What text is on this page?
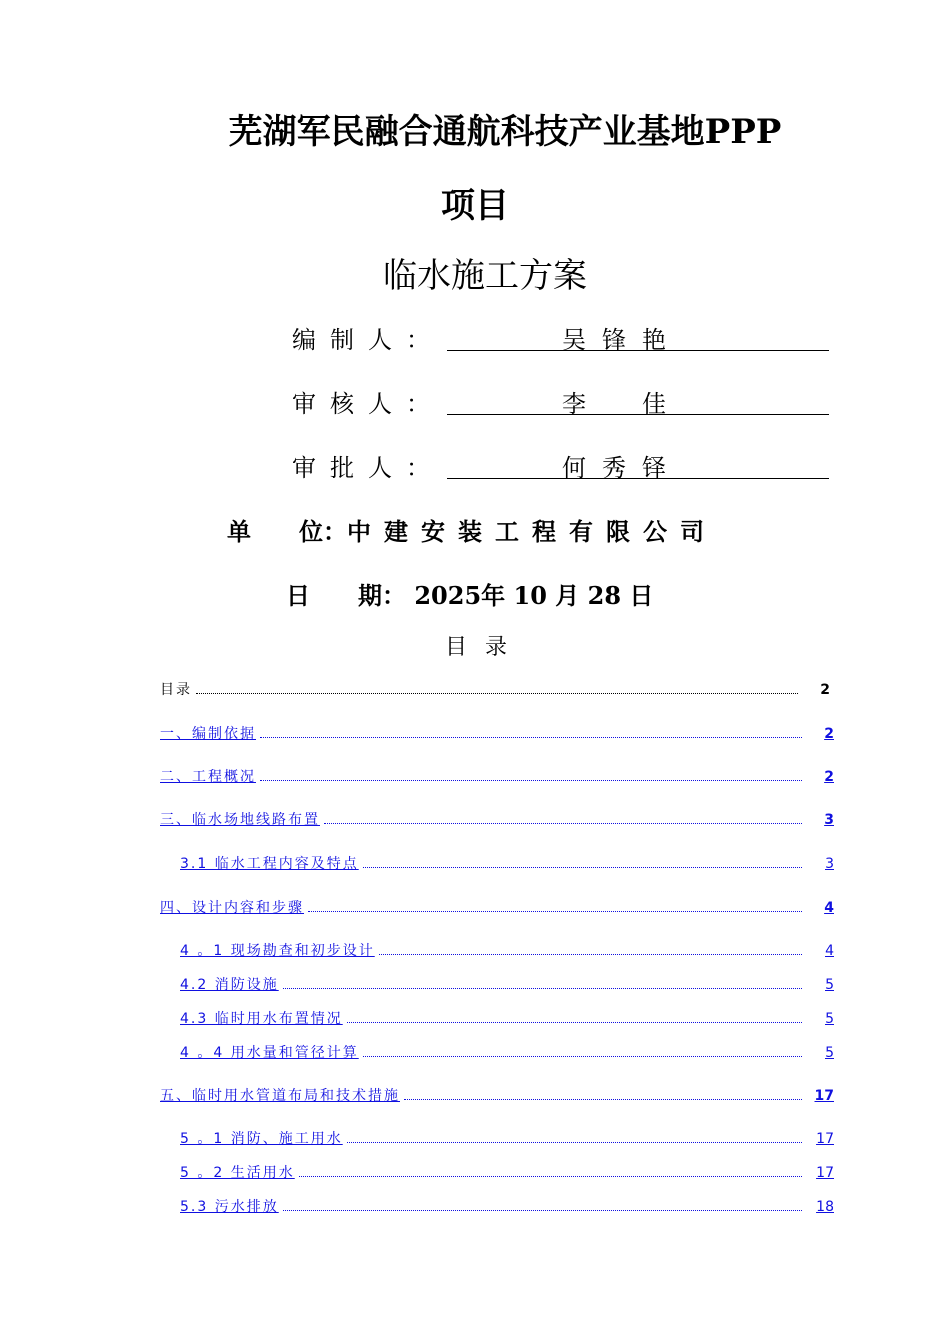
芜湖军民融合通航科技产业基地PPP
项目
临水施工方案
编制人：	吴锋艳
审核人：	李　佳
审批人：	何秀铎
单　　位：中建安装工程有限公司
日　　期： 2025年 10 月 28 日
目录
目录	2
一、编制依据	2
二、工程概况	2
三、临水场地线路布置	3
3.1 临水工程内容及特点	3
四、设计内容和步骤	4
4 。1 现场勘查和初步设计	4
4.2 消防设施	5
4.3 临时用水布置情况	5
4 。4 用水量和管径计算	5
五、临时用水管道布局和技术措施	17
5 。1 消防、施工用水	17
5 。2 生活用水	17
5.3 污水排放	18
